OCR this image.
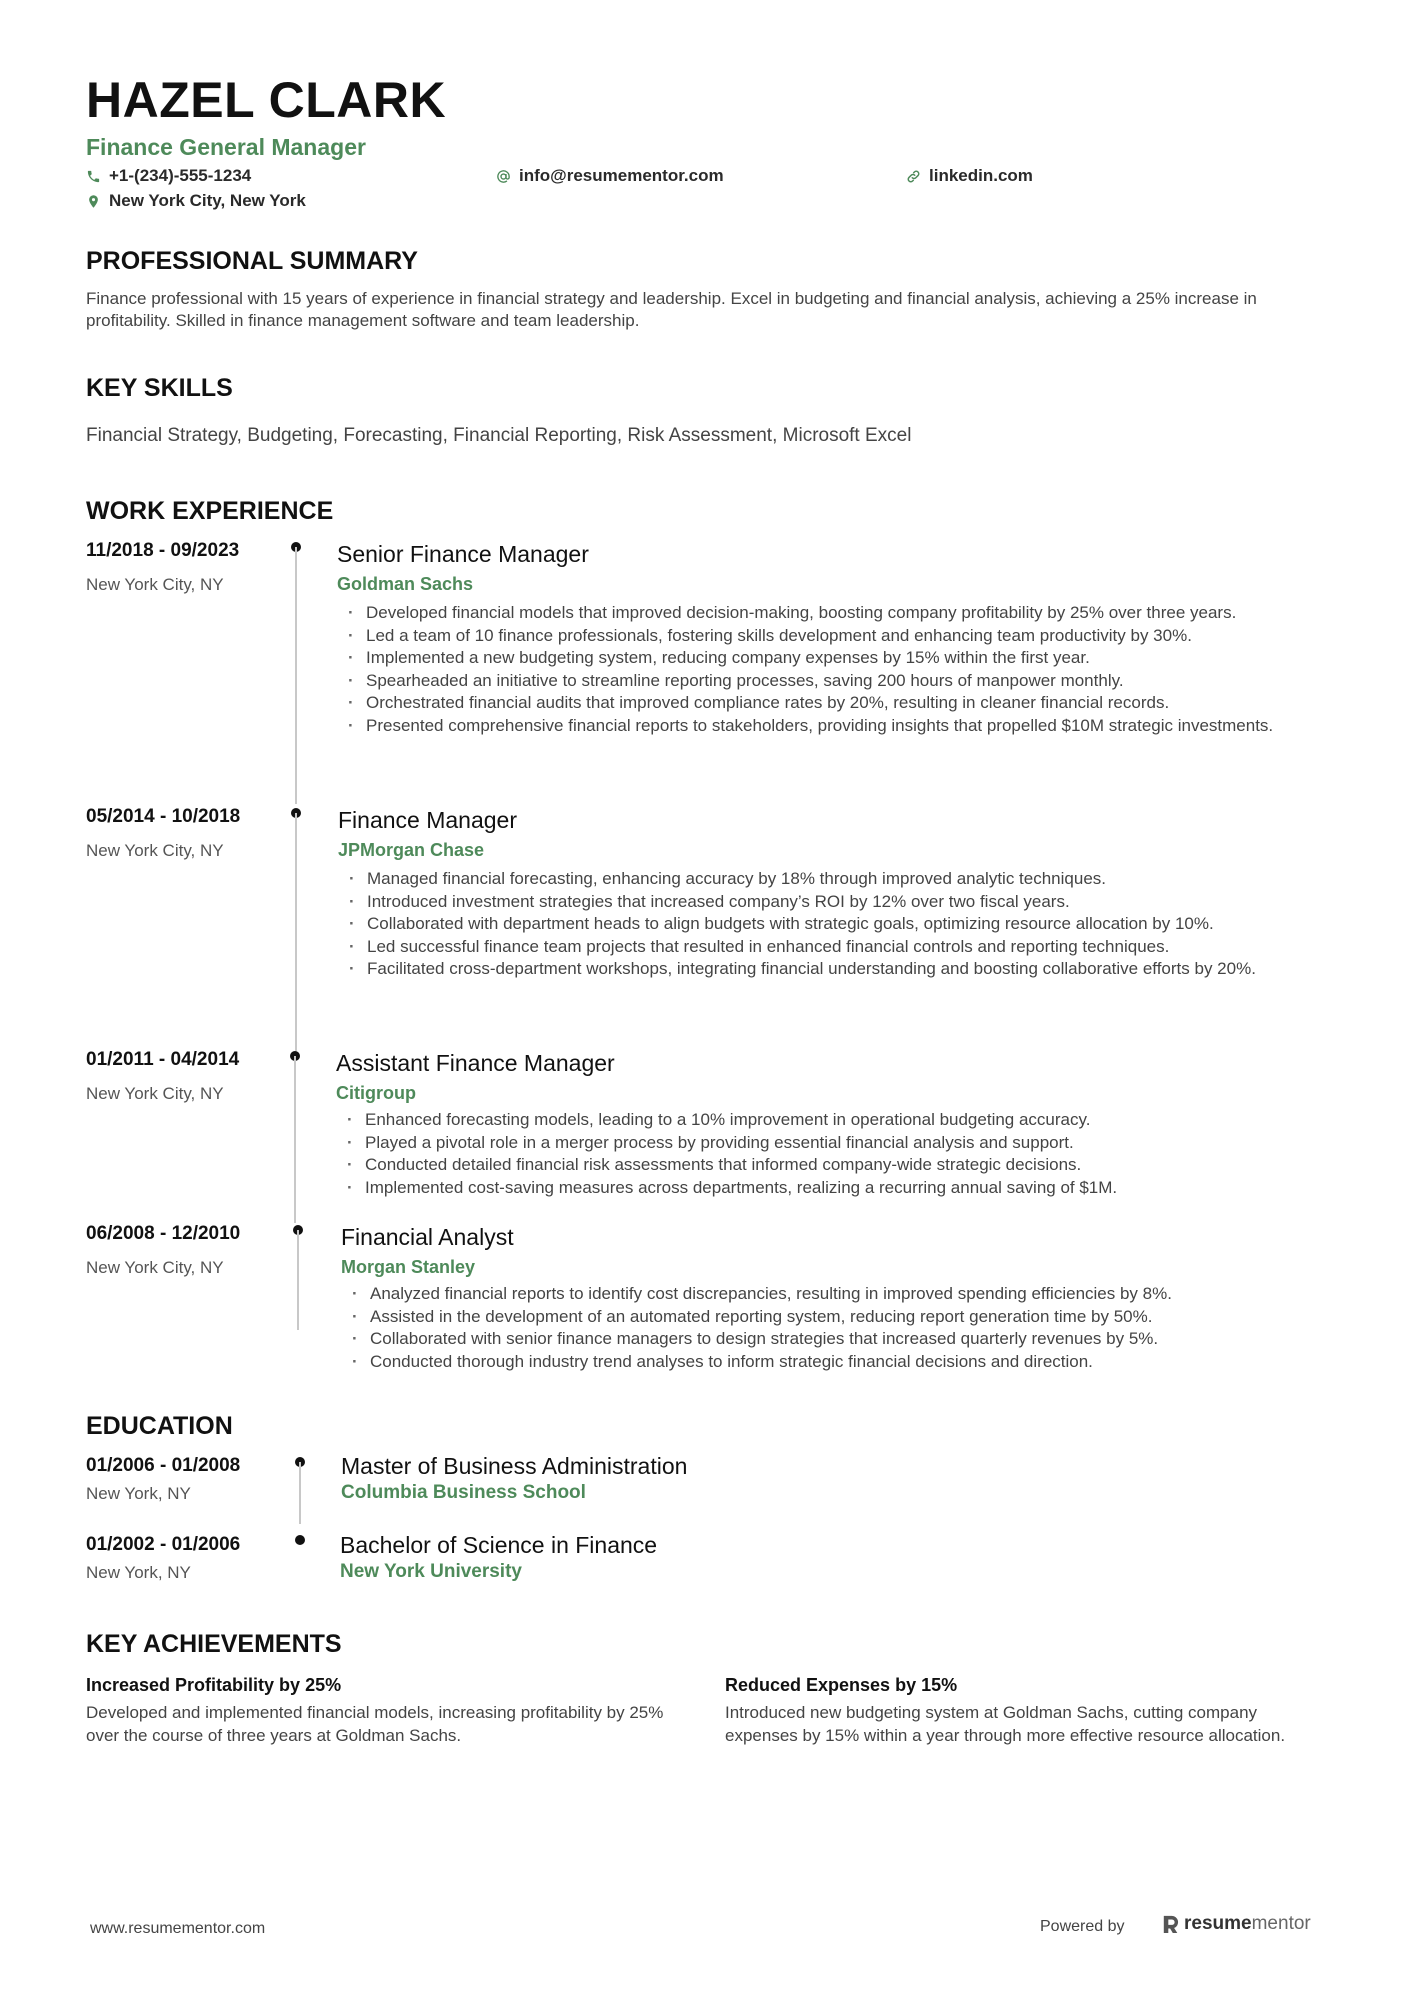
HAZEL CLARK
Finance General Manager
+1-(234)-555-1234	info@resumementor.com	linkedin.com
New York City, New York
PROFESSIONAL SUMMARY
Finance professional with 15 years of experience in financial strategy and leadership. Excel in budgeting and financial analysis, achieving a 25% increase in profitability. Skilled in finance management software and team leadership.
KEY SKILLS
Financial Strategy, Budgeting, Forecasting, Financial Reporting, Risk Assessment, Microsoft Excel
WORK EXPERIENCE
11/2018 - 09/2023
New York City, NY
Senior Finance Manager
Goldman Sachs
· Developed financial models that improved decision-making, boosting company profitability by 25% over three years.
· Led a team of 10 finance professionals, fostering skills development and enhancing team productivity by 30%.
· Implemented a new budgeting system, reducing company expenses by 15% within the first year.
· Spearheaded an initiative to streamline reporting processes, saving 200 hours of manpower monthly.
· Orchestrated financial audits that improved compliance rates by 20%, resulting in cleaner financial records.
· Presented comprehensive financial reports to stakeholders, providing insights that propelled $10M strategic investments.
05/2014 - 10/2018
New York City, NY
Finance Manager
JPMorgan Chase
· Managed financial forecasting, enhancing accuracy by 18% through improved analytic techniques.
· Introduced investment strategies that increased company’s ROI by 12% over two fiscal years.
· Collaborated with department heads to align budgets with strategic goals, optimizing resource allocation by 10%.
· Led successful finance team projects that resulted in enhanced financial controls and reporting techniques.
· Facilitated cross-department workshops, integrating financial understanding and boosting collaborative efforts by 20%.
01/2011 - 04/2014
New York City, NY
Assistant Finance Manager
Citigroup
· Enhanced forecasting models, leading to a 10% improvement in operational budgeting accuracy.
· Played a pivotal role in a merger process by providing essential financial analysis and support.
· Conducted detailed financial risk assessments that informed company-wide strategic decisions.
· Implemented cost-saving measures across departments, realizing a recurring annual saving of $1M.
06/2008 - 12/2010
New York City, NY
Financial Analyst
Morgan Stanley
· Analyzed financial reports to identify cost discrepancies, resulting in improved spending efficiencies by 8%.
· Assisted in the development of an automated reporting system, reducing report generation time by 50%.
· Collaborated with senior finance managers to design strategies that increased quarterly revenues by 5%.
· Conducted thorough industry trend analyses to inform strategic financial decisions and direction.
EDUCATION
01/2006 - 01/2008
New York, NY
Master of Business Administration
Columbia Business School
01/2002 - 01/2006
New York, NY
Bachelor of Science in Finance
New York University
KEY ACHIEVEMENTS
Increased Profitability by 25%
Developed and implemented financial models, increasing profitability by 25% over the course of three years at Goldman Sachs.
Reduced Expenses by 15%
Introduced new budgeting system at Goldman Sachs, cutting company expenses by 15% within a year through more effective resource allocation.
www.resumementor.com	Powered by	resume mentor
